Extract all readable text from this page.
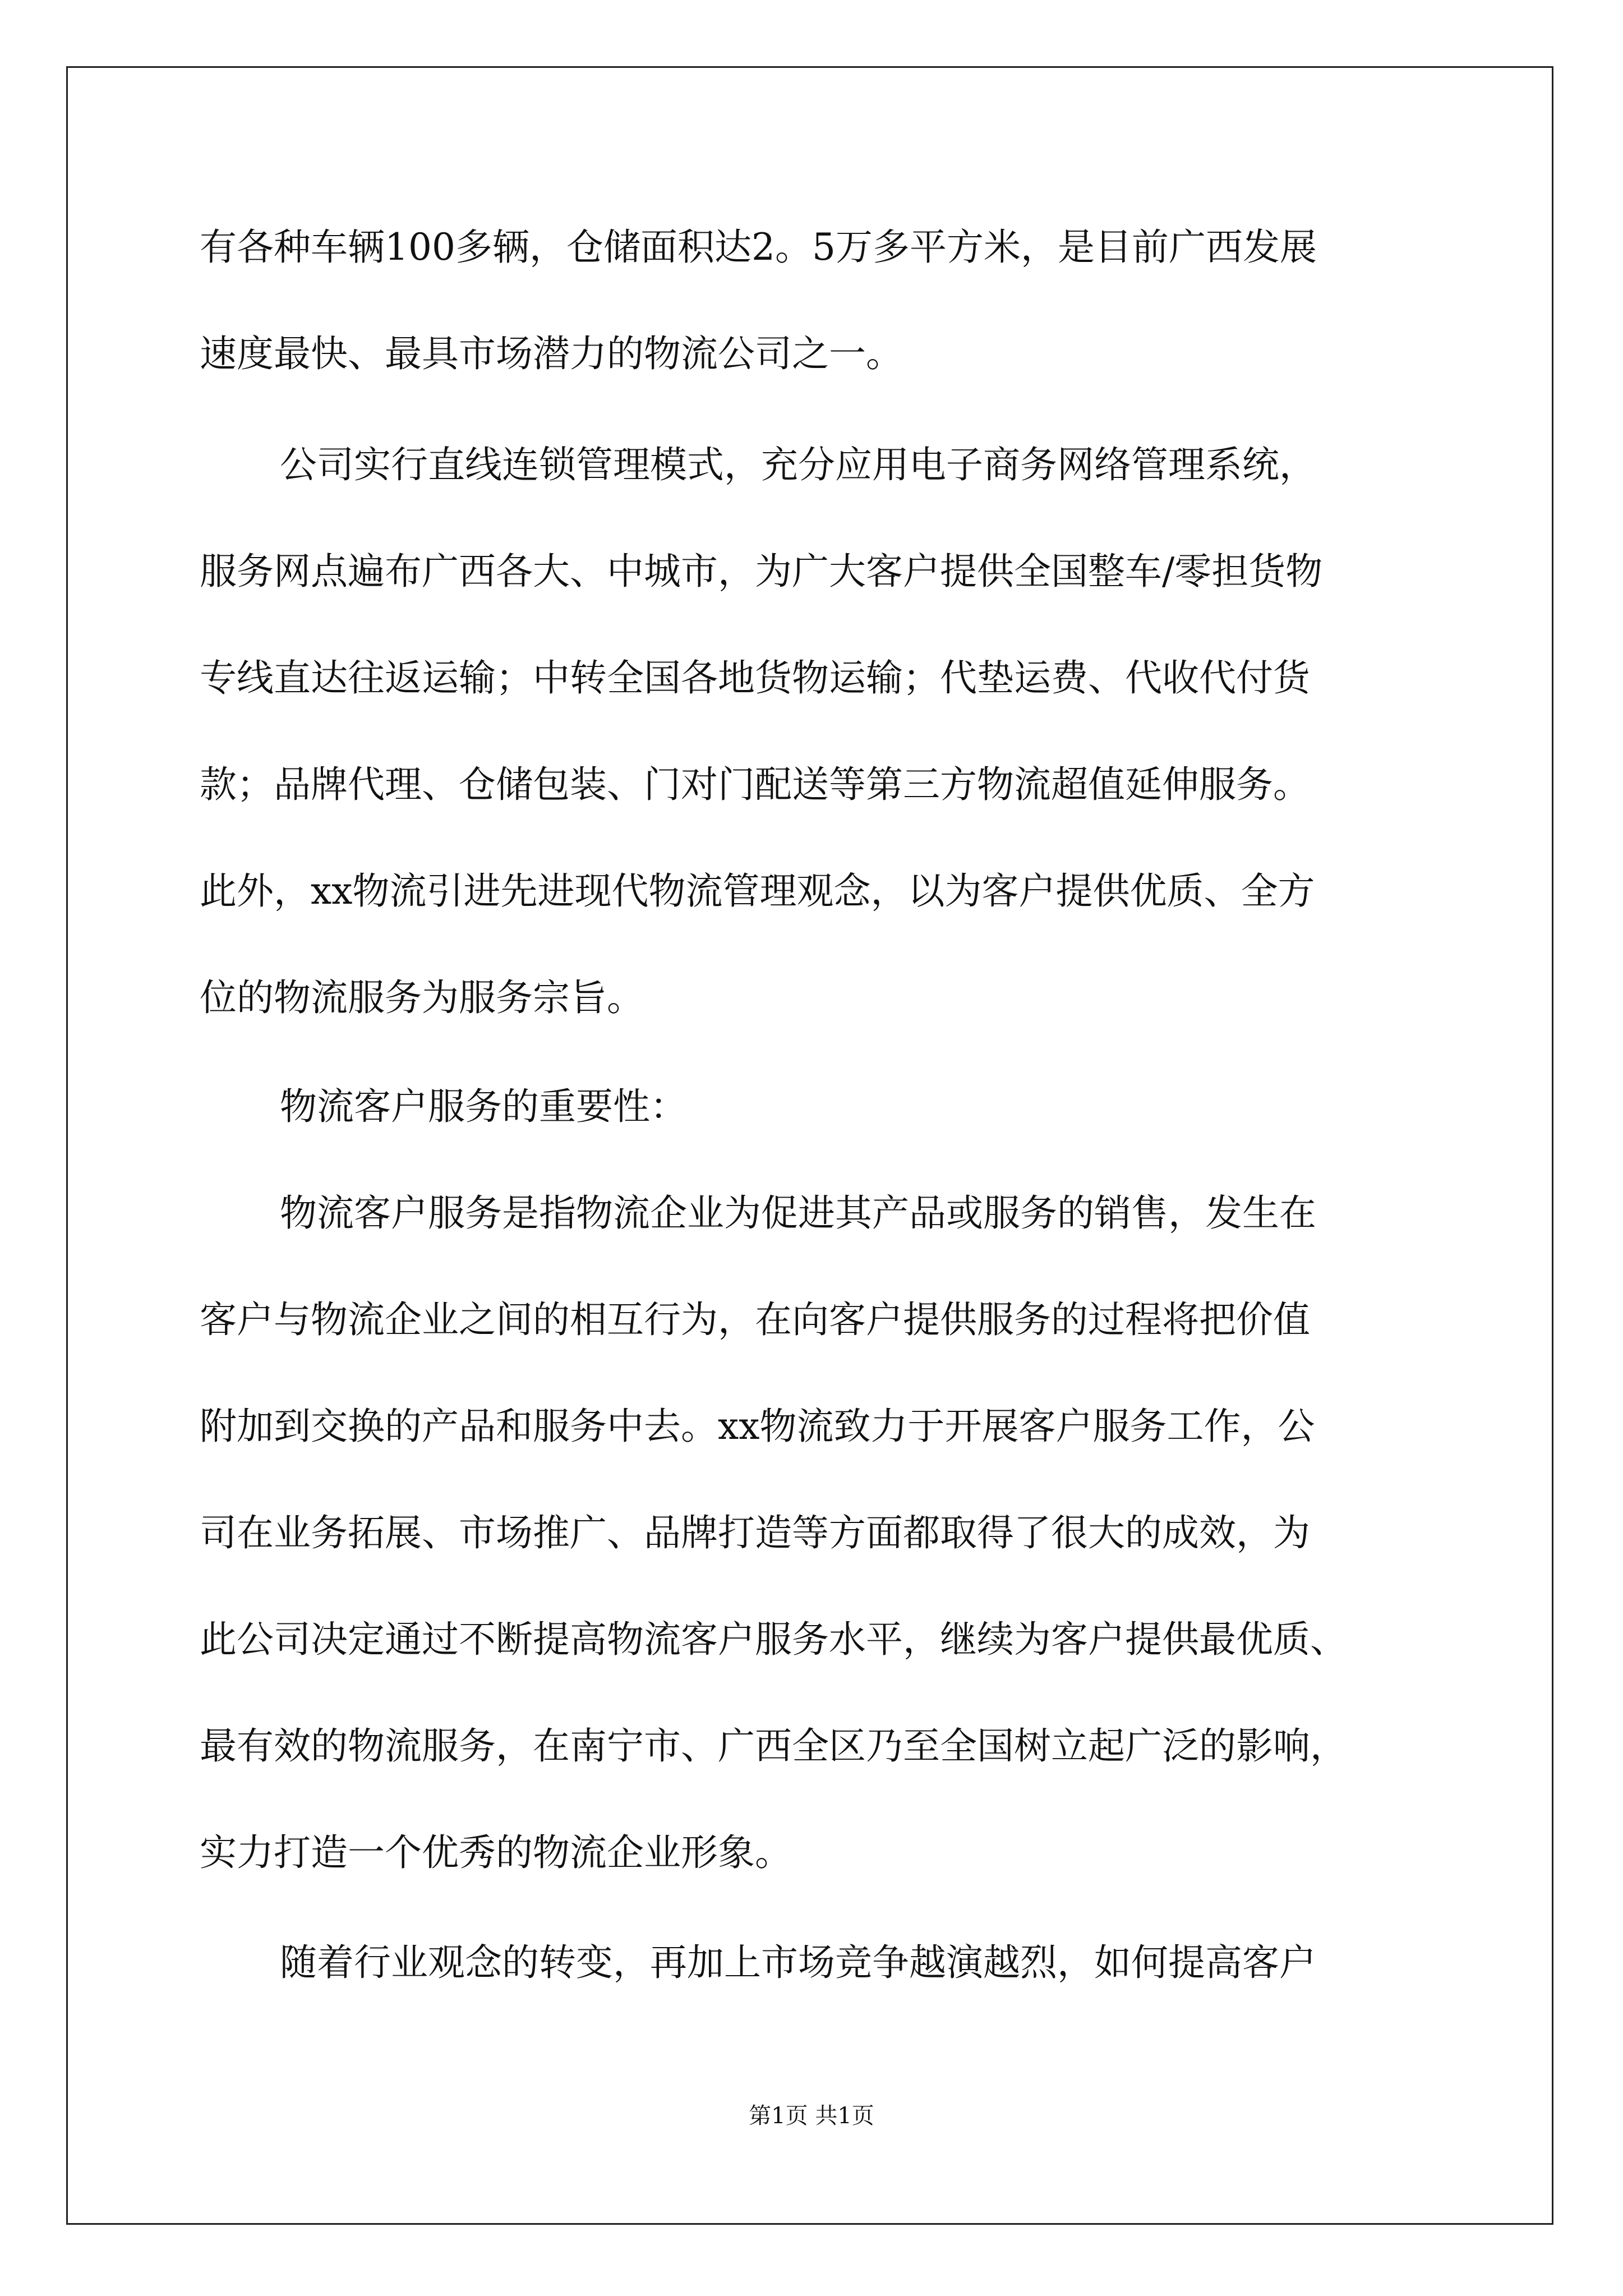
有各种车辆100多辆，仓储面积达2。5万多平方米，是目前广西发展
速度最快、最具市场潜力的物流公司之一。
公司实行直线连锁管理模式，充分应用电子商务网络管理系统，
服务网点遍布广西各大、中城市，为广大客户提供全国整车/零担货物
专线直达往返运输；中转全国各地货物运输；代垫运费、代收代付货
款；品牌代理、仓储包装、门对门配送等第三方物流超值延伸服务。
此外，xx物流引进先进现代物流管理观念，以为客户提供优质、全方
位的物流服务为服务宗旨。
物流客户服务的重要性：
物流客户服务是指物流企业为促进其产品或服务的销售，发生在
客户与物流企业之间的相互行为，在向客户提供服务的过程将把价值
附加到交换的产品和服务中去。xx物流致力于开展客户服务工作，公
司在业务拓展、市场推广、品牌打造等方面都取得了很大的成效，为
此公司决定通过不断提高物流客户服务水平，继续为客户提供最优质、
最有效的物流服务，在南宁市、广西全区乃至全国树立起广泛的影响，
实力打造一个优秀的物流企业形象。
随着行业观念的转变，再加上市场竞争越演越烈，如何提高客户
第1页 共1页
